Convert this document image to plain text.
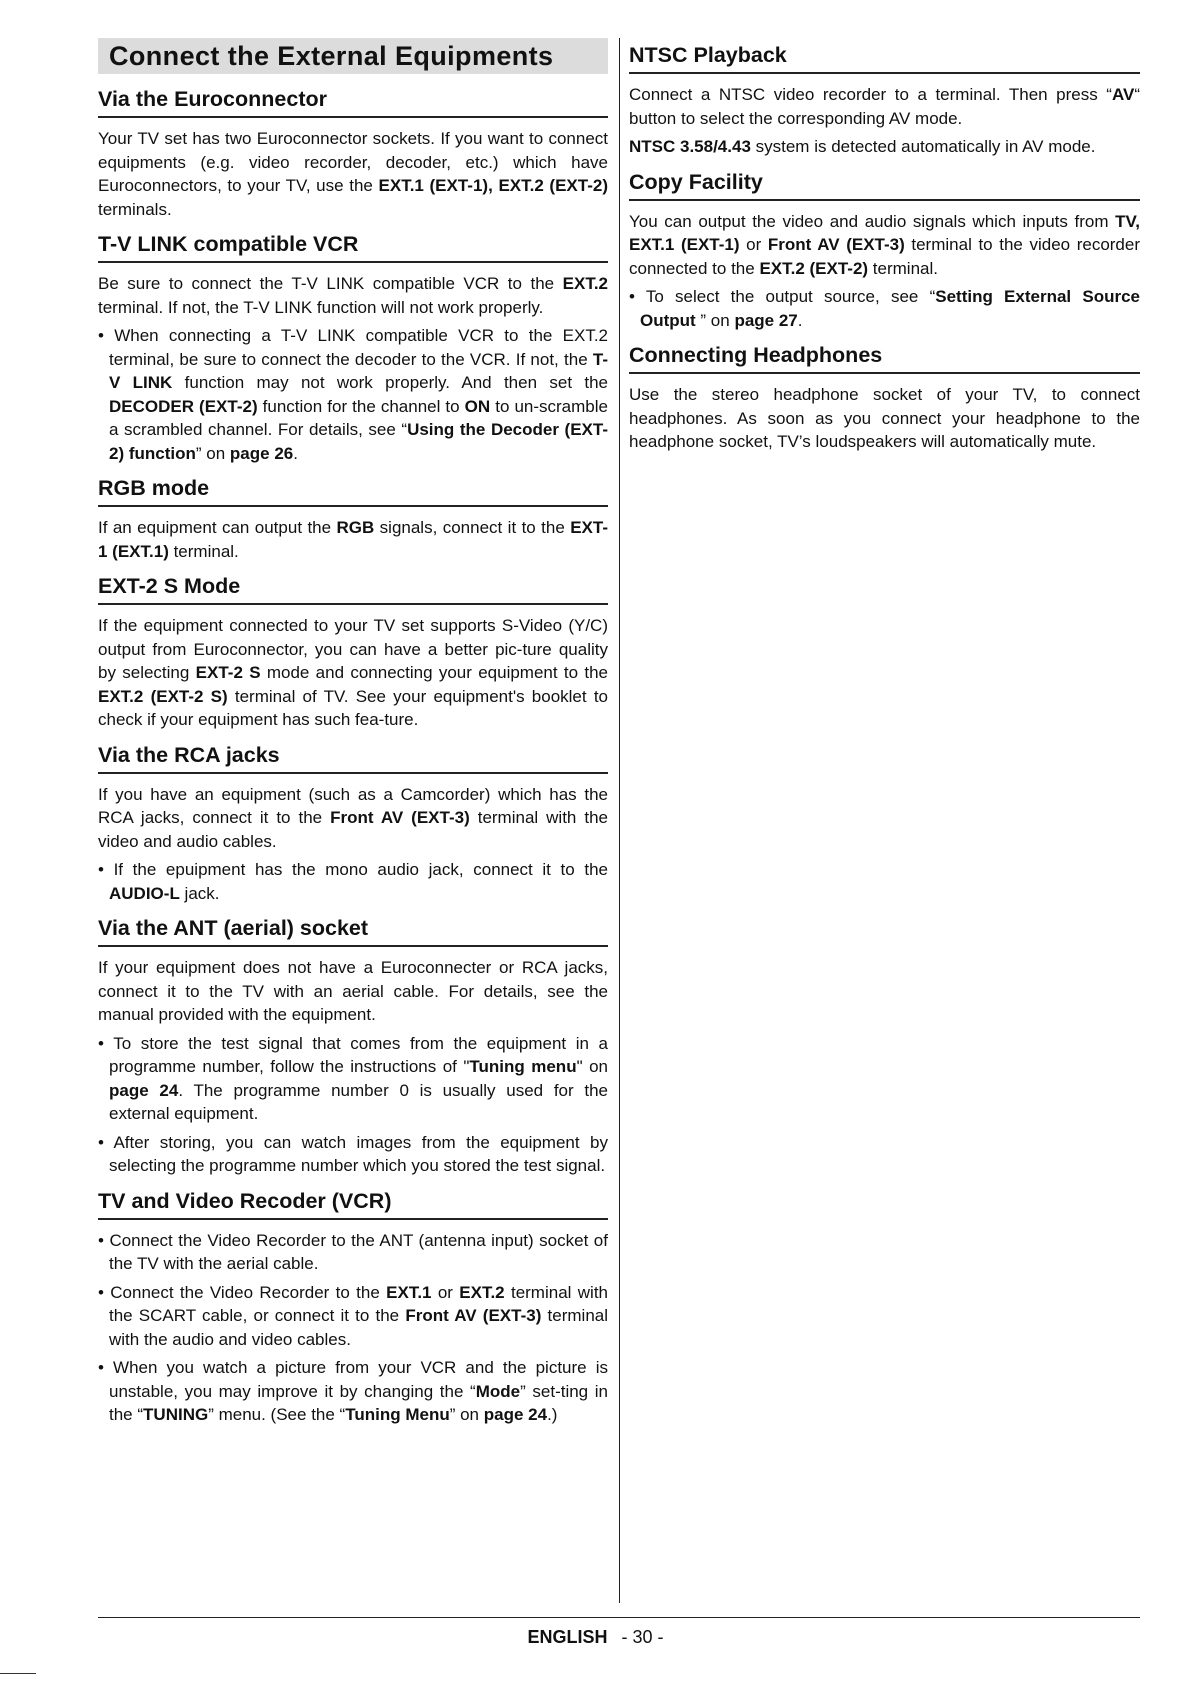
Connect the External Equipments
Via the Euroconnector

Your TV set has two Euroconnector sockets. If you want to connect equipments (e.g. video recorder, decoder, etc.) which have Euroconnectors, to your TV, use the EXT.1 (EXT-1), EXT.2 (EXT-2) terminals.

T-V LINK compatible VCR

Be sure to connect the T-V LINK compatible VCR to the EXT.2 terminal. If not, the T-V LINK function will not work properly.

• When connecting a T-V LINK compatible VCR to the EXT.2 terminal, be sure to connect the decoder to the VCR. If not, the T-V LINK function may not work properly. And then set the DECODER (EXT-2) function for the channel to ON to un-scramble a scrambled channel. For details, see “Using the Decoder (EXT-2) function” on page 26.
RGB mode

If an equipment can output the RGB signals, connect it to the EXT-1 (EXT.1) terminal.

EXT-2 S Mode

If the equipment connected to your TV set supports S-Video (Y/C) output from Euroconnector, you can have a better pic-ture quality by selecting EXT-2 S mode and connecting your equipment to the EXT.2 (EXT-2 S) terminal of TV. See your equipment's booklet to check if your equipment has such fea-ture.

Via the RCA jacks

If you have an equipment (such as a Camcorder) which has the RCA jacks, connect it to the Front AV (EXT-3) terminal with the video and audio cables.

• If the epuipment has the mono audio jack, connect it to the AUDIO-L jack.
Via the ANT (aerial) socket

If your equipment does not have a Euroconnecter or RCA jacks, connect it to the TV with an aerial cable. For details, see the manual provided with the equipment.

• To store the test signal that comes from the equipment in a programme number, follow the instructions of "Tuning menu" on page 24. The programme number 0 is usually used for the external equipment.
• After storing, you can watch images from the equipment by selecting the programme number which you stored the test signal.
TV and Video Recoder (VCR)
• Connect the Video Recorder to the ANT (antenna input) socket of the TV with the aerial cable.
• Connect the Video Recorder to the EXT.1 or EXT.2 terminal with the SCART cable, or connect it to the Front AV (EXT-3) terminal with the audio and video cables.
• When you watch a picture from your VCR and the picture is unstable, you may improve it by changing the “Mode” set-ting in the “TUNING” menu. (See the “Tuning Menu” on page 24.)
NTSC Playback

Connect a NTSC video recorder to a terminal. Then press “AV“ button to select the corresponding AV mode.

NTSC 3.58/4.43 system is detected automatically in AV mode.

Copy Facility

You can output the video and audio signals which inputs from TV, EXT.1 (EXT-1) or Front AV (EXT-3) terminal to the video recorder connected to the EXT.2 (EXT-2) terminal.

• To select the output source, see “Setting External Source Output ” on page 27.
Connecting Headphones

Use the stereo headphone socket of your TV, to connect headphones. As soon as you connect your headphone to the headphone socket, TV’s loudspeakers will automatically mute.

ENGLISH - 30 -
